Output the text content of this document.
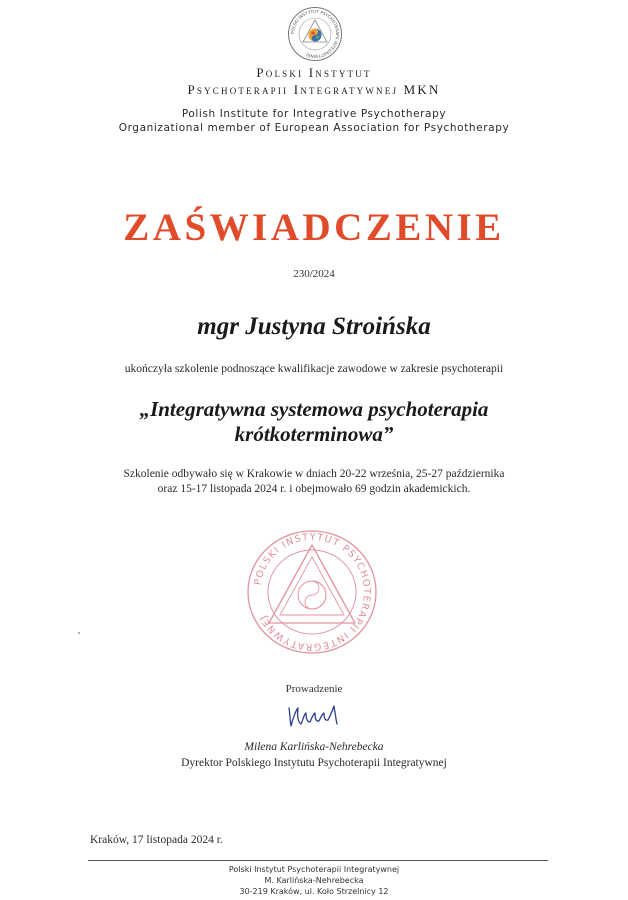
POLSKI INSTYTUT PSYCHOTERAPII INTEGRATYWNEJ
Polski Instytut
Psychoterapii Integratywnej MKN
Polish Institute for Integrative Psychotherapy
Organizational member of European Association for Psychotherapy
ZAŚWIADCZENIE
230/2024
mgr Justyna Stroińska
ukończyła szkolenie podnoszące kwalifikacje zawodowe w zakresie psychoterapii
„Integratywna systemowa psychoterapia
krótkoterminowa”
Szkolenie odbywało się w Krakowie w dniach 20-22 września, 25-27 października
oraz 15-17 listopada 2024 r. i obejmowało 69 godzin akademickich.
POLSKI INSTYTUT PSYCHOTERAPII INTEGRATYWNEJ
Prowadzenie
Milena Karlińska-Nehrebecka
Dyrektor Polskiego Instytutu Psychoterapii Integratywnej
Kraków, 17 listopada 2024 r.
Polski Instytut Psychoterapii Integratywnej
M. Karlińska-Nehrebecka
30-219 Kraków, ul. Koło Strzelnicy 12
